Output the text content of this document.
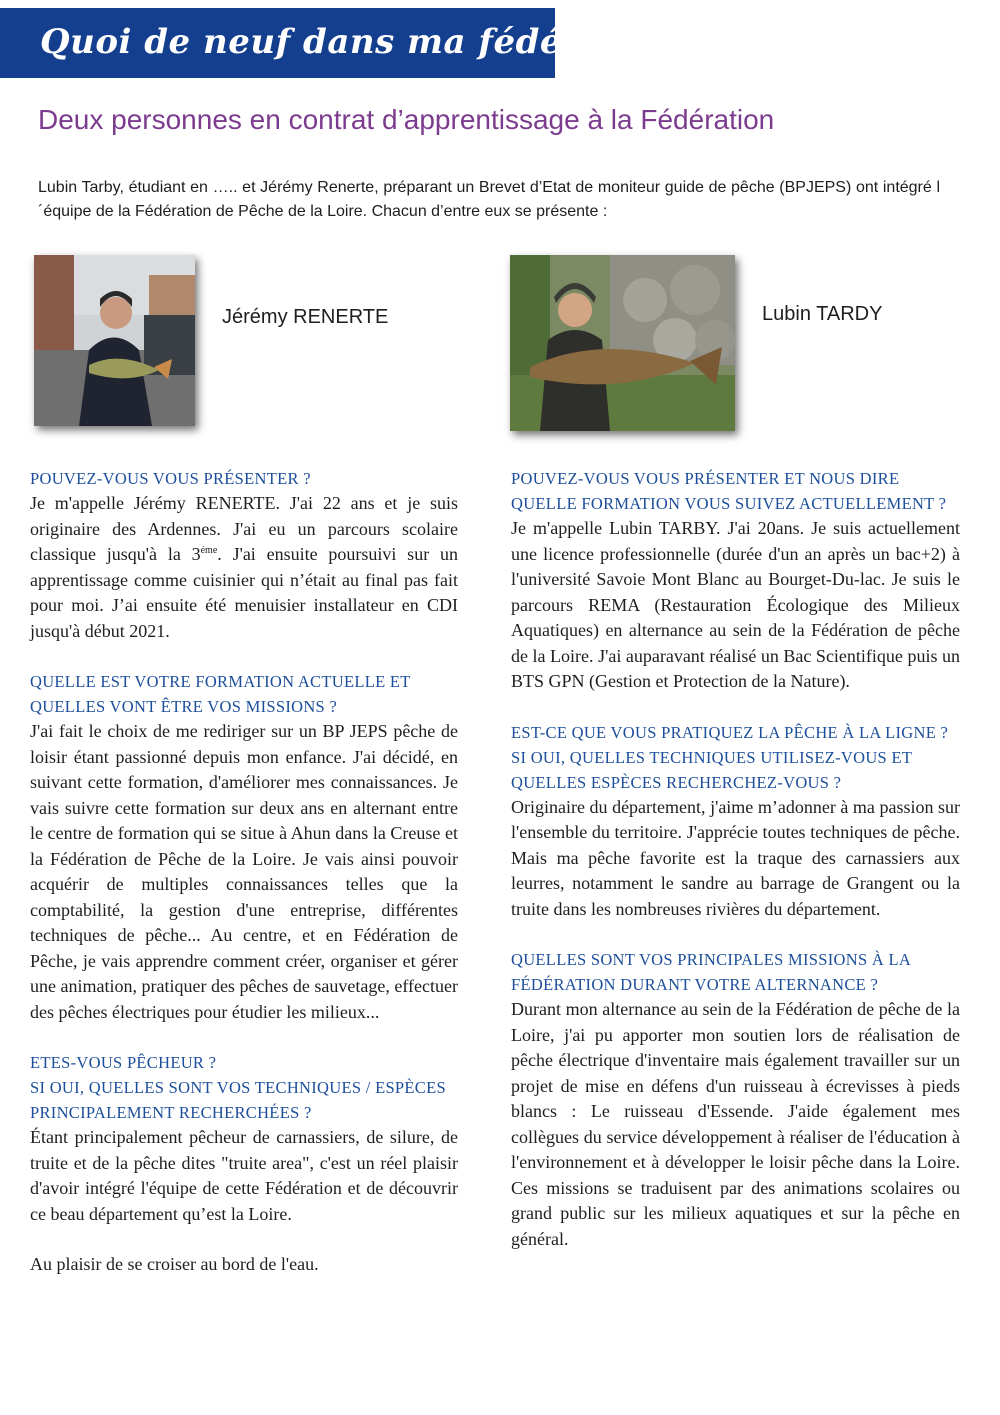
Quoi de neuf dans ma fédé ?
Deux personnes en contrat d’apprentissage à la Fédération

Lubin Tarby, étudiant en ….. et Jérémy Renerte, préparant un Brevet d’Etat de moniteur guide de pêche (BPJEPS) ont intégré l´équipe de la Fédération de Pêche de la Loire. Chacun d’entre eux se présente :

Jérémy RENERTE	Lubin TARDY

POUVEZ-VOUS VOUS PRÉSENTER ?

Je m'appelle Jérémy RENERTE. J'ai 22 ans et je suis originaire des Ardennes. J'ai eu un parcours scolaire classique jusqu'à la $3^{éme}$. J'ai ensuite poursuivi sur un apprentissage comme cuisinier qui n’était au final pas fait pour moi. J’ai ensuite été menuisier installateur en CDI jusqu'à début 2021.

QUELLE EST VOTRE FORMATION ACTUELLE ET QUELLES VONT ÊTRE VOS MISSIONS ?

J'ai fait le choix de me rediriger sur un BP JEPS pêche de loisir étant passionné depuis mon enfance. J'ai décidé, en suivant cette formation, d'améliorer mes connaissances. Je vais suivre cette formation sur deux ans en alternant entre le centre de formation qui se situe à Ahun dans la Creuse et la Fédération de Pêche de la Loire. Je vais ainsi pouvoir acquérir de multiples connaissances telles que la comptabilité, la gestion d'une entreprise, différentes techniques de pêche... Au centre, et en Fédération de Pêche, je vais apprendre comment créer, organiser et gérer une animation, pratiquer des pêches de sauvetage, effectuer des pêches électriques pour étudier les milieux...

ETES-VOUS PÊCHEUR ?

SI OUI, QUELLES SONT VOS TECHNIQUES / ESPÈCES PRINCIPALEMENT RECHERCHÉES ?

Étant principalement pêcheur de carnassiers, de silure, de truite et de la pêche dites "truite area", c'est un réel plaisir d'avoir intégré l'équipe de cette Fédération et de découvrir ce beau département qu’est la Loire.

Au plaisir de se croiser au bord de l'eau.

POUVEZ-VOUS VOUS PRÉSENTER ET NOUS DIRE QUELLE FORMATION VOUS SUIVEZ ACTUELLEMENT ?

Je m'appelle Lubin TARBY. J'ai 20ans. Je suis actuellement une licence professionnelle (durée d'un an après un bac+2) à l'université Savoie Mont Blanc au Bourget-Du-lac. Je suis le parcours REMA (Restauration Écologique des Milieux Aquatiques) en alternance au sein de la Fédération de pêche de la Loire. J'ai auparavant réalisé un Bac Scientifique puis un BTS GPN (Gestion et Protection de la Nature).

EST-CE QUE VOUS PRATIQUEZ LA PÊCHE À LA LIGNE ?

SI OUI, QUELLES TECHNIQUES UTILISEZ-VOUS ET QUELLES ESPÈCES RECHERCHEZ-VOUS ?

Originaire du département, j'aime m’adonner à ma passion sur l'ensemble du territoire. J'apprécie toutes techniques de pêche. Mais ma pêche favorite est la traque des carnassiers aux leurres, notamment le sandre au barrage de Grangent ou la truite dans les nombreuses rivières du département.

QUELLES SONT VOS PRINCIPALES MISSIONS À LA FÉDÉRATION DURANT VOTRE ALTERNANCE ?

Durant mon alternance au sein de la Fédération de pêche de la Loire, j'ai pu apporter mon soutien lors de réalisation de pêche électrique d'inventaire mais également travailler sur un projet de mise en défens d'un ruisseau à écrevisses à pieds blancs : Le ruisseau d'Essende. J'aide également mes collègues du service développement à réaliser de l'éducation à l'environnement et à développer le loisir pêche dans la Loire. Ces missions se traduisent par des animations scolaires ou grand public sur les milieux aquatiques et sur la pêche en général.
